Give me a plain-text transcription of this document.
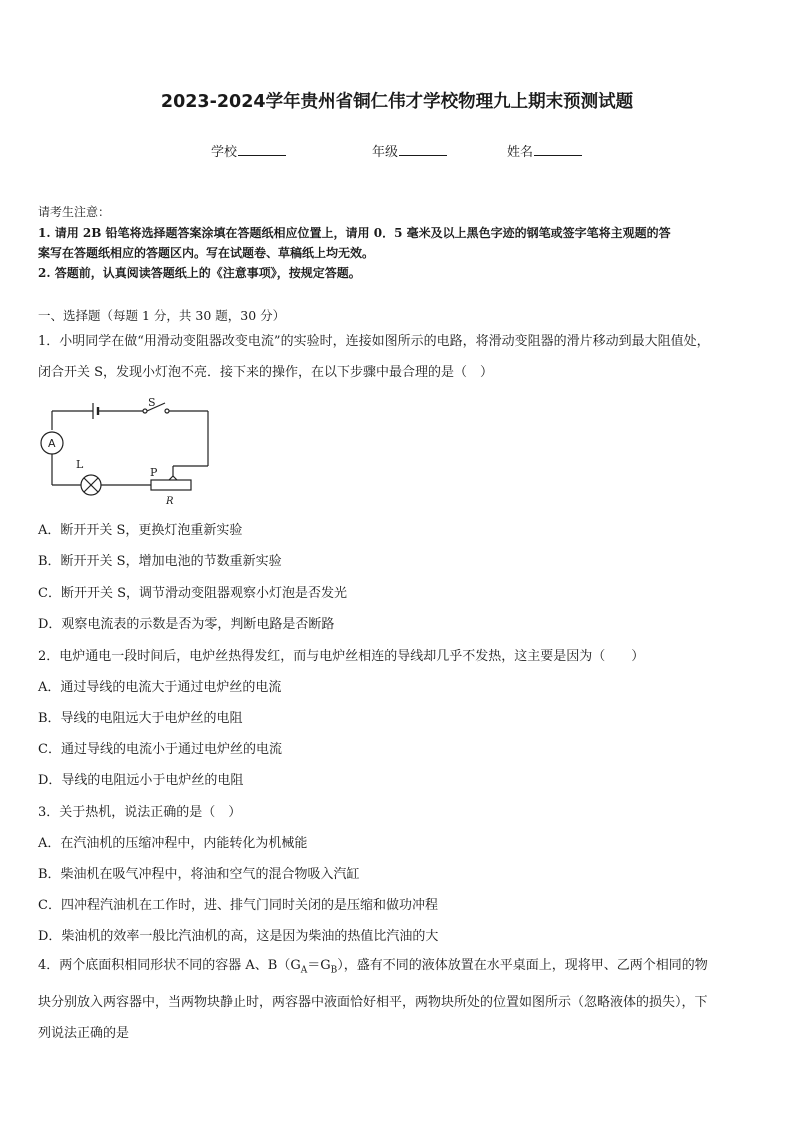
2023-2024学年贵州省铜仁伟才学校物理九上期末预测试题
学校	年级	姓名
请考生注意：

1. 请用 2B 铅笔将选择题答案涂填在答题纸相应位置上，请用 0．5 毫米及以上黑色字迹的钢笔或签字笔将主观题的答

案写在答题纸相应的答题区内。写在试题卷、草稿纸上均无效。

2. 答题前，认真阅读答题纸上的《注意事项》，按规定答题。

一、选择题（每题 1 分，共 30 题，30 分）

1．小明同学在做“用滑动变阻器改变电流”的实验时，连接如图所示的电路，将滑动变阻器的滑片移动到最大阻值处，

闭合开关 S，发现小灯泡不亮．接下来的操作，在以下步骤中最合理的是（　）

S
A
L
P
R
A．断开开关 S，更换灯泡重新实验
B．断开开关 S，增加电池的节数重新实验
C．断开开关 S，调节滑动变阻器观察小灯泡是否发光
D．观察电流表的示数是否为零，判断电路是否断路
2．电炉通电一段时间后，电炉丝热得发红，而与电炉丝相连的导线却几乎不发热，这主要是因为（　　）
A．通过导线的电流大于通过电炉丝的电流
B．导线的电阻远大于电炉丝的电阻
C．通过导线的电流小于通过电炉丝的电流
D．导线的电阻远小于电炉丝的电阻
3．关于热机，说法正确的是（　）
A．在汽油机的压缩冲程中，内能转化为机械能
B．柴油机在吸气冲程中，将油和空气的混合物吸入汽缸
C．四冲程汽油机在工作时，进、排气门同时关闭的是压缩和做功冲程
D．柴油机的效率一般比汽油机的高，这是因为柴油的热值比汽油的大

4．两个底面积相同形状不同的容器 A、$B(G_A=G_B)$，盛有不同的液体放置在水平桌面上，现将甲、乙两个相同的物

块分别放入两容器中，当两物块静止时，两容器中液面恰好相平，两物块所处的位置如图所示（忽略液体的损失），下

列说法正确的是
